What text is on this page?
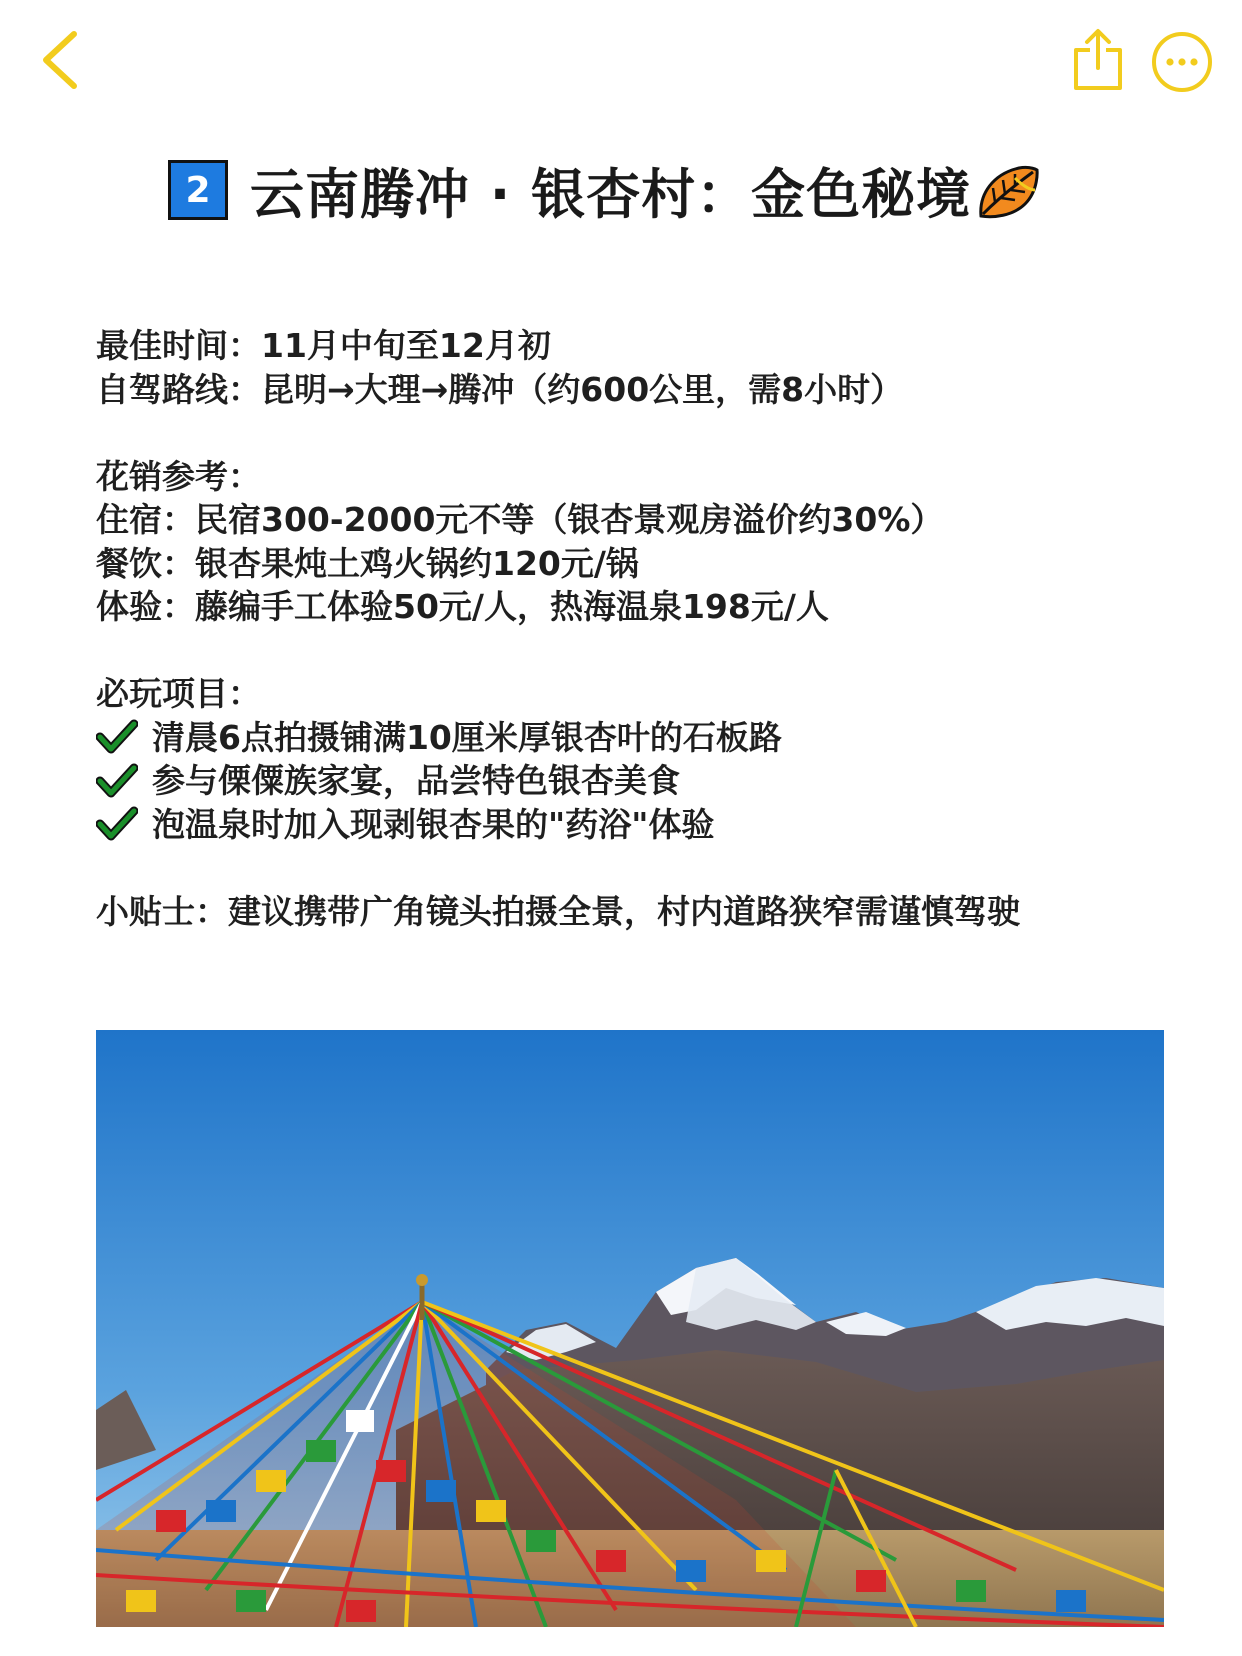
2 云南腾冲 · 银杏村：金色秘境
最佳时间：11月中旬至12月初
自驾路线：昆明→大理→腾冲（约600公里，需8小时）
花销参考：
住宿：民宿300-2000元不等（银杏景观房溢价约30%）
餐饮：银杏果炖土鸡火锅约120元/锅
体验：藤编手工体验50元/人，热海温泉198元/人
必玩项目：
清晨6点拍摄铺满10厘米厚银杏叶的石板路
参与傈僳族家宴，品尝特色银杏美食
泡温泉时加入现剥银杏果的"药浴"体验
小贴士：建议携带广角镜头拍摄全景，村内道路狭窄需谨慎驾驶
